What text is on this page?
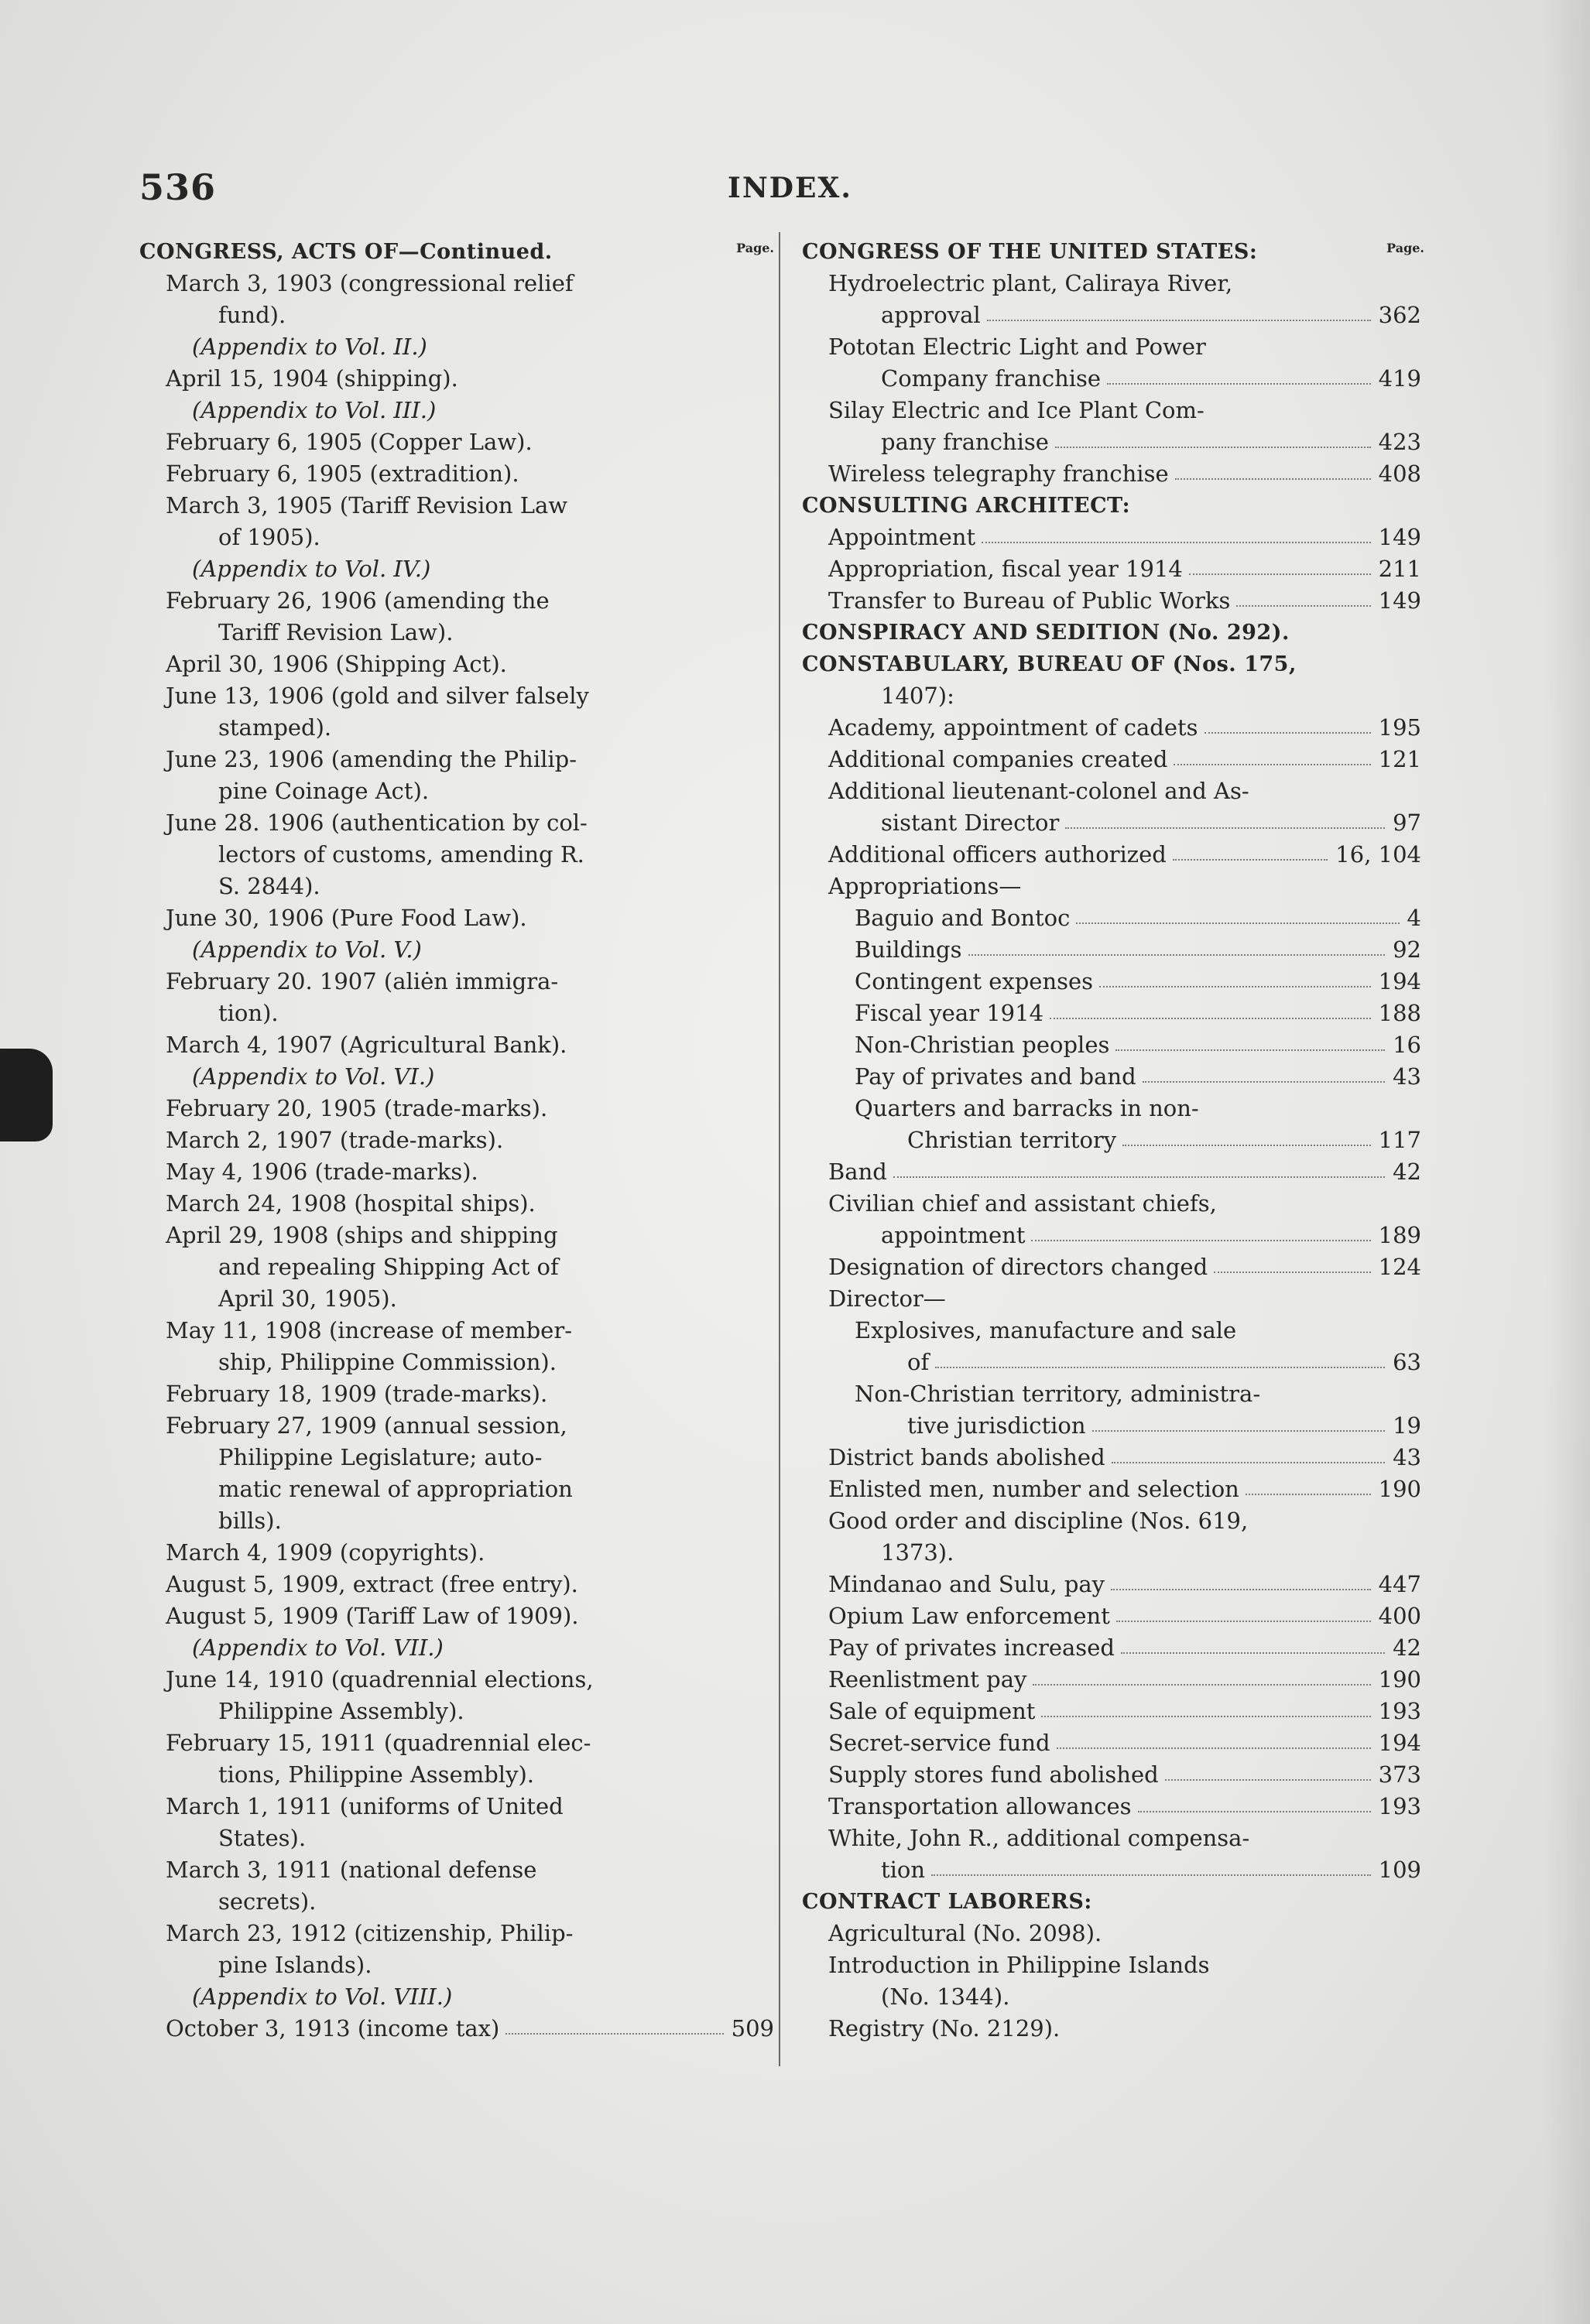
536	INDEX.
Page.
CONGRESS, ACTS OF—Continued.
March 3, 1903 (congressional relief
fund).
(Appendix to Vol. II.)
April 15, 1904 (shipping).
(Appendix to Vol. III.)
February 6, 1905 (Copper Law).
February 6, 1905 (extradition).
March 3, 1905 (Tariff Revision Law
of 1905).
(Appendix to Vol. IV.)
February 26, 1906 (amending the
Tariff Revision Law).
April 30, 1906 (Shipping Act).
June 13, 1906 (gold and silver falsely
stamped).
June 23, 1906 (amending the Philip-
pine Coinage Act).
June 28. 1906 (authentication by col-
lectors of customs, amending R.
S. 2844).
June 30, 1906 (Pure Food Law).
(Appendix to Vol. V.)
February 20. 1907 (aliėn immigra-
tion).
March 4, 1907 (Agricultural Bank).
(Appendix to Vol. VI.)
February 20, 1905 (trade-marks).
March 2, 1907 (trade-marks).
May 4, 1906 (trade-marks).
March 24, 1908 (hospital ships).
April 29, 1908 (ships and shipping
and repealing Shipping Act of
April 30, 1905).
May 11, 1908 (increase of member-
ship, Philippine Commission).
February 18, 1909 (trade-marks).
February 27, 1909 (annual session,
Philippine Legislature; auto-
matic renewal of appropriation
bills).
March 4, 1909 (copyrights).
August 5, 1909, extract (free entry).
August 5, 1909 (Tariff Law of 1909).
(Appendix to Vol. VII.)
June 14, 1910 (quadrennial elections,
Philippine Assembly).
February 15, 1911 (quadrennial elec-
tions, Philippine Assembly).
March 1, 1911 (uniforms of United
States).
March 3, 1911 (national defense
secrets).
March 23, 1912 (citizenship, Philip-
pine Islands).
(Appendix to Vol. VIII.)
October 3, 1913 (income tax)	509
Page.
CONGRESS OF THE UNITED STATES:
Hydroelectric plant, Caliraya River,
approval	362
Pototan Electric Light and Power
Company franchise	419
Silay Electric and Ice Plant Com-
pany franchise	423
Wireless telegraphy franchise	408
CONSULTING ARCHITECT:
Appointment	149
Appropriation, fiscal year 1914	211
Transfer to Bureau of Public Works	149
CONSPIRACY AND SEDITION (No. 292).
CONSTABULARY, BUREAU OF (Nos. 175,
1407):
Academy, appointment of cadets	195
Additional companies created	121
Additional lieutenant-colonel and As-
sistant Director	97
Additional officers authorized	16, 104
Appropriations—
Baguio and Bontoc	4
Buildings	92
Contingent expenses	194
Fiscal year 1914	188
Non-Christian peoples	16
Pay of privates and band	43
Quarters and barracks in non-
Christian territory	117
Band	42
Civilian chief and assistant chiefs,
appointment	189
Designation of directors changed	124
Director—
Explosives, manufacture and sale
of	63
Non-Christian territory, administra-
tive jurisdiction	19
District bands abolished	43
Enlisted men, number and selection	190
Good order and discipline (Nos. 619,
1373).
Mindanao and Sulu, pay	447
Opium Law enforcement	400
Pay of privates increased	42
Reenlistment pay	190
Sale of equipment	193
Secret-service fund	194
Supply stores fund abolished	373
Transportation allowances	193
White, John R., additional compensa-
tion	109
CONTRACT LABORERS:
Agricultural (No. 2098).
Introduction in Philippine Islands
(No. 1344).
Registry (No. 2129).
